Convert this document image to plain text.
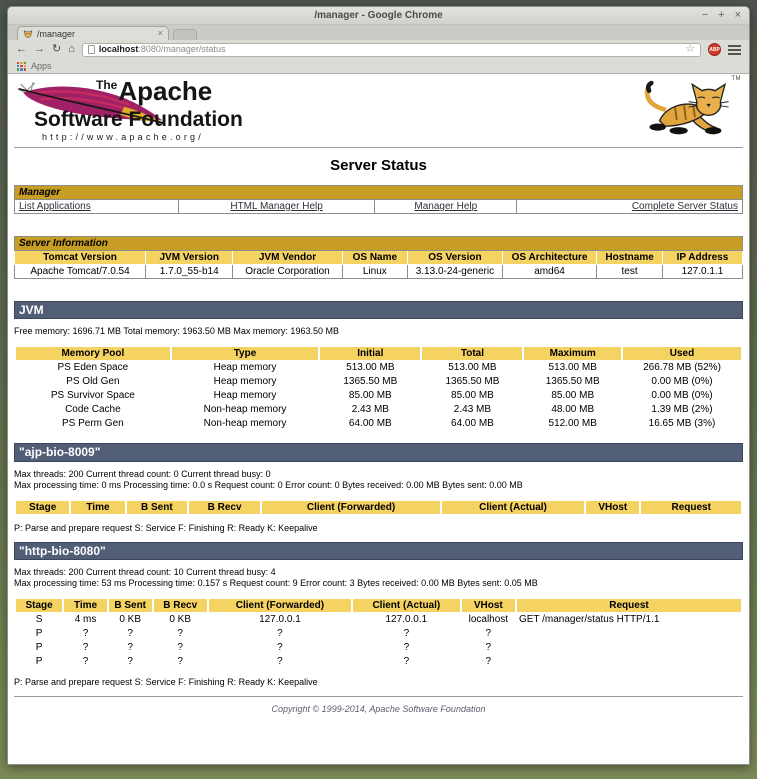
/manager - Google Chrome	− + ×
/manager	×
← → ↻ ⌂	localhost:8080/manager/status	☆	ABP
Apps
$^{The}$Apache
Software Foundation
http://www.apache.org/
TM
Server Status
Manager
List Applications	HTML Manager Help	Manager Help	Complete Server Status
Server Information							
Tomcat Version	JVM Version	JVM Vendor	OS Name	OS Version	OS Architecture	Hostname	IP Address
Apache Tomcat/7.0.54	1.7.0_55-b14	Oracle Corporation	Linux	3.13.0-24-generic	amd64	test	127.0.1.1
JVM
Free memory: 1696.71 MB Total memory: 1963.50 MB Max memory: 1963.50 MB
Memory Pool	Type	Initial	Total	Maximum	Used
PS Eden Space	Heap memory	513.00 MB	513.00 MB	513.00 MB	266.78 MB (52%)
PS Old Gen	Heap memory	1365.50 MB	1365.50 MB	1365.50 MB	0.00 MB (0%)
PS Survivor Space	Heap memory	85.00 MB	85.00 MB	85.00 MB	0.00 MB (0%)
Code Cache	Non-heap memory	2.43 MB	2.43 MB	48.00 MB	1.39 MB (2%)
PS Perm Gen	Non-heap memory	64.00 MB	64.00 MB	512.00 MB	16.65 MB (3%)
"ajp-bio-8009"
Max threads: 200 Current thread count: 0 Current thread busy: 0
Max processing time: 0 ms Processing time: 0.0 s Request count: 0 Error count: 0 Bytes received: 0.00 MB Bytes sent: 0.00 MB
Stage	Time	B Sent	B Recv	Client (Forwarded)	Client (Actual)	VHost	Request
P: Parse and prepare request S: Service F: Finishing R: Ready K: Keepalive
"http-bio-8080"
Max threads: 200 Current thread count: 10 Current thread busy: 4
Max processing time: 53 ms Processing time: 0.157 s Request count: 9 Error count: 3 Bytes received: 0.00 MB Bytes sent: 0.05 MB
Stage	Time	B Sent	B Recv	Client (Forwarded)	Client (Actual)	VHost	Request
S	4 ms	0 KB	0 KB	127.0.0.1	127.0.0.1	localhost	GET /manager/status HTTP/1.1
P	?	?	?	?	?	?	
P	?	?	?	?	?	?	
P	?	?	?	?	?	?	
P: Parse and prepare request S: Service F: Finishing R: Ready K: Keepalive
Copyright © 1999-2014, Apache Software Foundation
